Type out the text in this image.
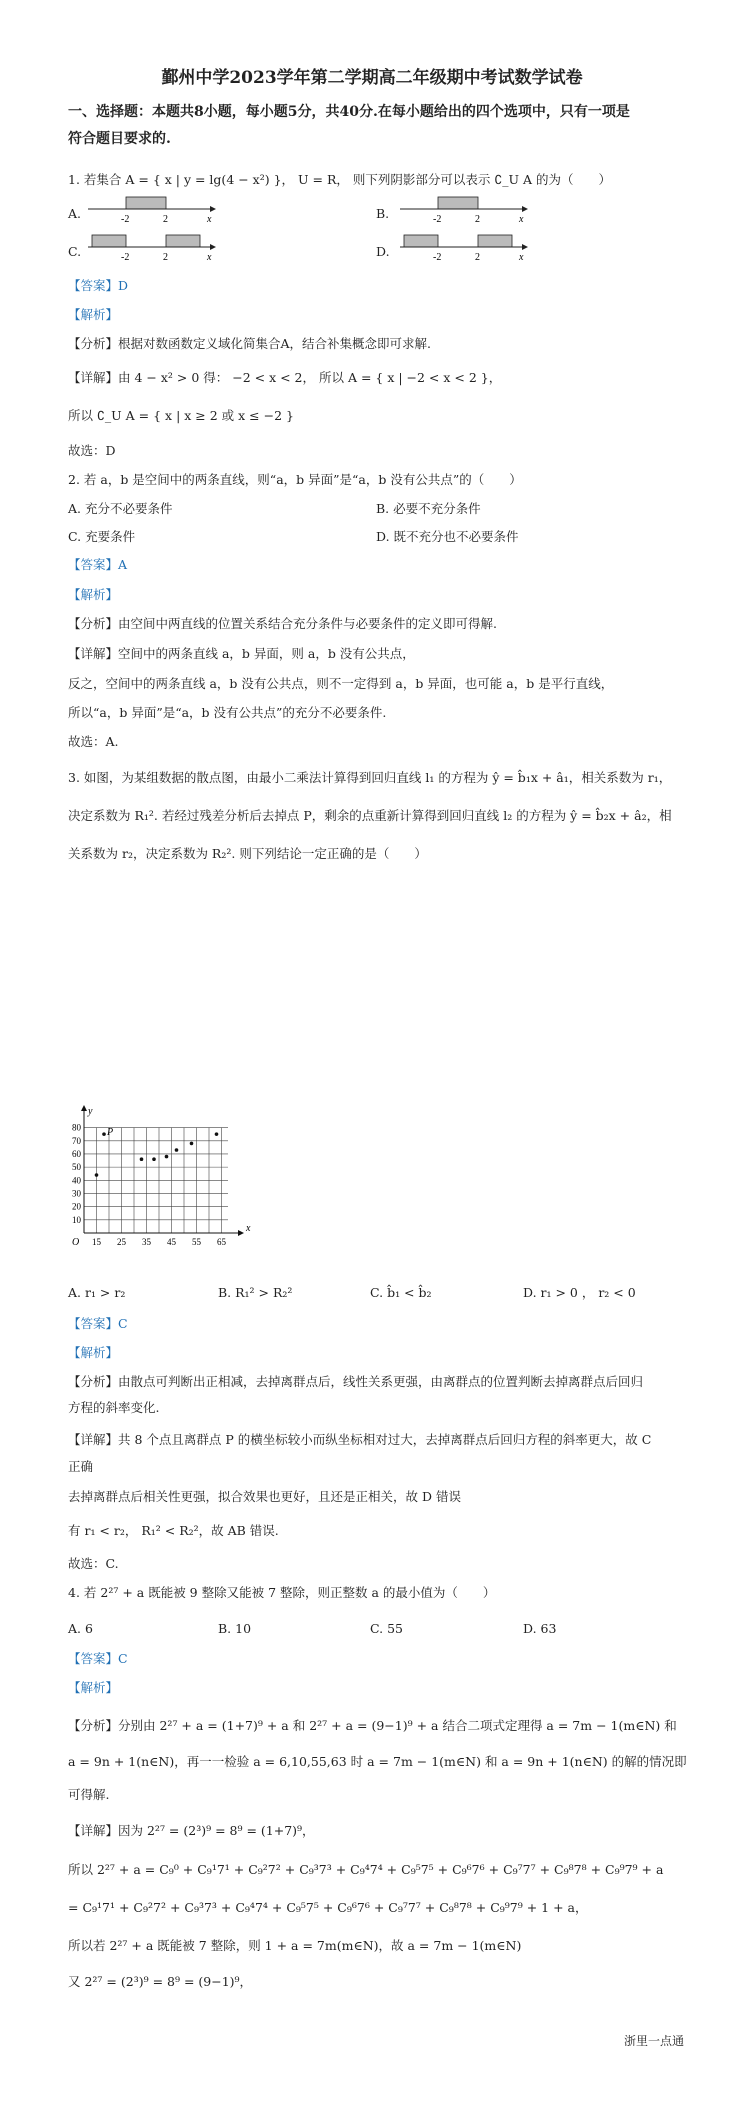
鄞州中学2023学年第二学期高二年级期中考试数学试卷
一、选择题：本题共8小题，每小题5分，共40分.在每小题给出的四个选项中，只有一项是
符合题目要求的.
1. 若集合 A = { x | y = lg(4 − x²) }， U = R， 则下列阴影部分可以表示 ∁_U A 的为（　　）
A.	B.
C.	D.
-2	2	x	-2	2	x
-2	2	x	-2	2	x
【答案】D
【解析】
【分析】根据对数函数定义域化简集合A，结合补集概念即可求解.
【详解】由 4 − x² > 0 得： −2 < x < 2， 所以 A = { x | −2 < x < 2 }，
所以 ∁_U A = { x | x ≥ 2 或 x ≤ −2 }
故选：D
2. 若 a，b 是空间中的两条直线，则“a，b 异面”是“a，b 没有公共点”的（　　）
A. 充分不必要条件	B. 必要不充分条件
C. 充要条件	D. 既不充分也不必要条件
【答案】A
【解析】
【分析】由空间中两直线的位置关系结合充分条件与必要条件的定义即可得解.
【详解】空间中的两条直线 a，b 异面，则 a，b 没有公共点，
反之，空间中的两条直线 a，b 没有公共点，则不一定得到 a，b 异面，也可能 a，b 是平行直线，
所以“a，b 异面”是“a，b 没有公共点”的充分不必要条件.
故选：A.
3. 如图，为某组数据的散点图，由最小二乘法计算得到回归直线 l₁ 的方程为 ŷ = b̂₁x + â₁，相关系数为 r₁，
决定系数为 R₁². 若经过残差分析后去掉点 P，剩余的点重新计算得到回归直线 l₂ 的方程为 ŷ = b̂₂x + â₂，相
关系数为 r₂，决定系数为 R₂². 则下列结论一定正确的是（　　）
10
20
30
40
50
60
70
80
15 25 35 45 55 65
x
y
O
P
A. r₁ > r₂	B. R₁² > R₂²	C. b̂₁ < b̂₂	D. r₁ > 0 ， r₂ < 0
【答案】C
【解析】
【分析】由散点可判断出正相减，去掉离群点后，线性关系更强，由离群点的位置判断去掉离群点后回归
方程的斜率变化.
【详解】共 8 个点且离群点 P 的横坐标较小而纵坐标相对过大，去掉离群点后回归方程的斜率更大，故 C
正确
去掉离群点后相关性更强，拟合效果也更好，且还是正相关，故 D 错误
有 r₁ < r₂， R₁² < R₂²，故 AB 错误.
故选：C.
4. 若 2²⁷ + a 既能被 9 整除又能被 7 整除，则正整数 a 的最小值为（　　）
A. 6	B. 10	C. 55	D. 63
【答案】C
【解析】
【分析】分别由 2²⁷ + a = (1+7)⁹ + a 和 2²⁷ + a = (9−1)⁹ + a 结合二项式定理得 a = 7m − 1(m∈N) 和
a = 9n + 1(n∈N)，再一一检验 a = 6,10,55,63 时 a = 7m − 1(m∈N) 和 a = 9n + 1(n∈N) 的解的情况即
可得解.
【详解】因为 2²⁷ = (2³)⁹ = 8⁹ = (1+7)⁹，
所以 2²⁷ + a = C₉⁰ + C₉¹7¹ + C₉²7² + C₉³7³ + C₉⁴7⁴ + C₉⁵7⁵ + C₉⁶7⁶ + C₉⁷7⁷ + C₉⁸7⁸ + C₉⁹7⁹ + a
= C₉¹7¹ + C₉²7² + C₉³7³ + C₉⁴7⁴ + C₉⁵7⁵ + C₉⁶7⁶ + C₉⁷7⁷ + C₉⁸7⁸ + C₉⁹7⁹ + 1 + a，
所以若 2²⁷ + a 既能被 7 整除，则 1 + a = 7m(m∈N)，故 a = 7m − 1(m∈N)
又 2²⁷ = (2³)⁹ = 8⁹ = (9−1)⁹，
浙里一点通
